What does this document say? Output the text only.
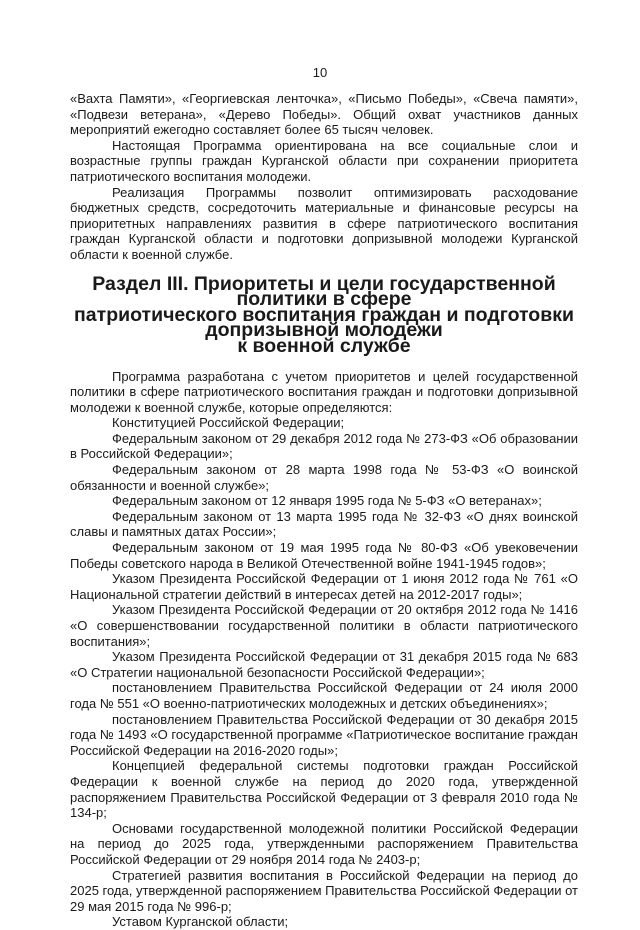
10

«Вахта Памяти», «Георгиевская ленточка», «Письмо Победы», «Свеча памяти», «Подвези ветерана», «Дерево Победы». Общий охват участников данных мероприятий ежегодно составляет более 65 тысяч человек.

Настоящая Программа ориентирована на все социальные слои и возрастные группы граждан Курганской области при сохранении приоритета патриотического воспитания молодежи.

Реализация Программы позволит оптимизировать расходование бюджетных средств, сосредоточить материальные и финансовые ресурсы на приоритетных направлениях развития в сфере патриотического воспитания граждан Курганской области и подготовки допризывной молодежи Курганской области к военной службе.

Раздел III. Приоритеты и цели государственной политики в сфере
патриотического воспитания граждан и подготовки допризывной молодежи
к военной службе

Программа разработана с учетом приоритетов и целей государственной политики в сфере патриотического воспитания граждан и подготовки допризывной молодежи к военной службе, которые определяются:

Конституцией Российской Федерации;

Федеральным законом от 29 декабря 2012 года № 273-ФЗ «Об образовании в Российской Федерации»;

Федеральным законом от 28 марта 1998 года № 53-ФЗ «О воинской обязанности и военной службе»;

Федеральным законом от 12 января 1995 года № 5-ФЗ «О ветеранах»;

Федеральным законом от 13 марта 1995 года № 32-ФЗ «О днях воинской славы и памятных датах России»;

Федеральным законом от 19 мая 1995 года № 80-ФЗ «Об увековечении Победы советского народа в Великой Отечественной войне 1941-1945 годов»;

Указом Президента Российской Федерации от 1 июня 2012 года № 761 «О Национальной стратегии действий в интересах детей на 2012-2017 годы»;

Указом Президента Российской Федерации от 20 октября 2012 года № 1416 «О совершенствовании государственной политики в области патриотического воспитания»;

Указом Президента Российской Федерации от 31 декабря 2015 года № 683 «О Стратегии национальной безопасности Российской Федерации»;

постановлением Правительства Российской Федерации от 24 июля 2000 года № 551 «О военно-патриотических молодежных и детских объединениях»;

постановлением Правительства Российской Федерации от 30 декабря 2015 года № 1493 «О государственной программе «Патриотическое воспитание граждан Российской Федерации на 2016-2020 годы»;

Концепцией федеральной системы подготовки граждан Российской Федерации к военной службе на период до 2020 года, утвержденной распоряжением Правительства Российской Федерации от 3 февраля 2010 года № 134-р;

Основами государственной молодежной политики Российской Федерации на период до 2025 года, утвержденными распоряжением Правительства Российской Федерации от 29 ноября 2014 года № 2403-р;

Стратегией развития воспитания в Российской Федерации на период до 2025 года, утвержденной распоряжением Правительства Российской Федерации от 29 мая 2015 года № 996-р;

Уставом Курганской области;
